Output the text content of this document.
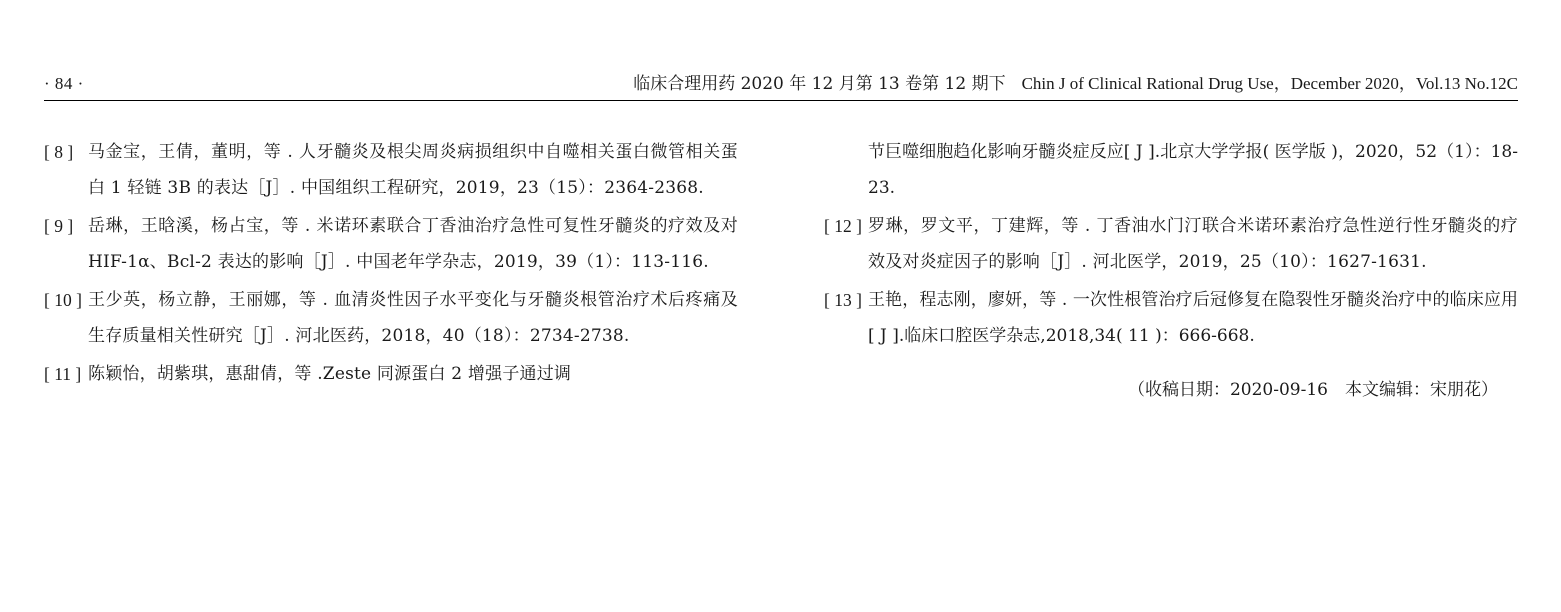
· 84 ·	临床合理用药 2020 年 12 月第 13 卷第 12 期下 Chin J of Clinical Rational Drug Use，December 2020，Vol.13 No.12C
[ 8 ] 马金宝，王倩，董明，等 . 人牙髓炎及根尖周炎病损组织中自噬相关蛋白微管相关蛋白 1 轻链 3B 的表达［J］. 中国组织工程研究，2019，23（15）：2364-2368.
[ 9 ] 岳琳，王晗溪，杨占宝，等 . 米诺环素联合丁香油治疗急性可复性牙髓炎的疗效及对 HIF-1α、Bcl-2 表达的影响［J］. 中国老年学杂志，2019，39（1）：113-116.
[ 10 ] 王少英，杨立静，王丽娜，等 . 血清炎性因子水平变化与牙髓炎根管治疗术后疼痛及生存质量相关性研究［J］. 河北医药，2018，40（18）：2734-2738.
[ 11 ] 陈颖怡，胡紫琪，惠甜倩，等 .Zeste 同源蛋白 2 增强子通过调
节巨噬细胞趋化影响牙髓炎症反应[ J ].北京大学学报( 医学版 )，2020，52（1）：18-23.
[ 12 ] 罗琳，罗文平，丁建辉，等 . 丁香油水门汀联合米诺环素治疗急性逆行性牙髓炎的疗效及对炎症因子的影响［J］. 河北医学，2019，25（10）：1627-1631.
[ 13 ] 王艳，程志刚，廖妍，等 . 一次性根管治疗后冠修复在隐裂性牙髓炎治疗中的临床应用[ J ].临床口腔医学杂志,2018,34( 11 )：666-668.
（收稿日期：2020-09-16　本文编辑：宋朋花）
